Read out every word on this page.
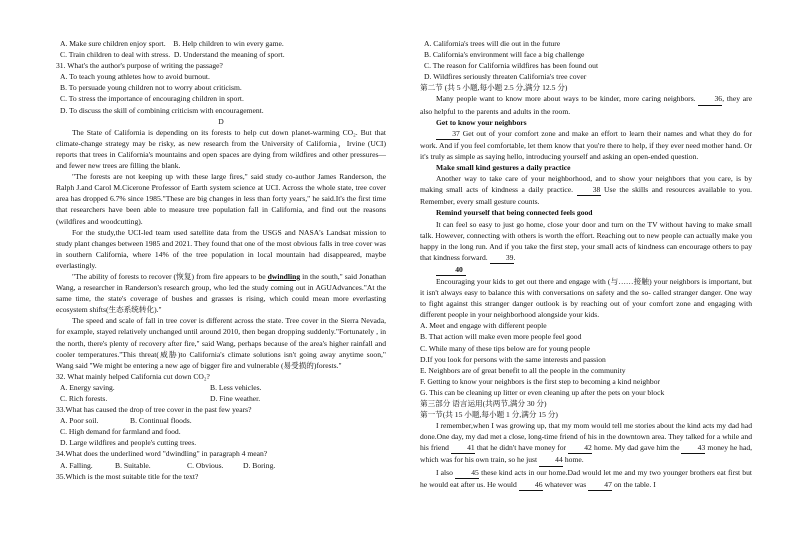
A. Make sure children enjoy sport. B. Help children to win every game.
C. Train children to deal with stress. D. Understand the meaning of sport.
31. What's the author's purpose of writing the passage?
A. To teach young athletes how to avoid burnout.
B. To persuade young children not to worry about criticism.
C. To stress the importance of encouraging children in sport.
D. To discuss the skill of combining criticism with encouragement.
D
The State of California is depending on its forests to help cut down planet-warming CO₂. But that climate-change strategy may be risky, as new research from the University of California，Irvine (UCI) reports that trees in California's mountains and open spaces are dying from wildfires and other pressures—and fewer new trees are filling the blank.
"The forests are not keeping up with these large fires," said study co-author James Randerson, the Ralph J.and Carol M.Cicerone Professor of Earth system science at UCI. Across the whole state, tree cover area has dropped 6.7% since 1985."These are big changes in less than forty years," he said.It's the first time that researchers have been able to measure tree population fall in California, and find out the reasons (wildfires and woodcutting).
For the study,the UCI-led team used satellite data from the USGS and NASA's Landsat mission to study plant changes between 1985 and 2021. They found that one of the most obvious falls in tree cover was in southern California, where 14% of the tree population in local mountain had disappeared, maybe everlastingly.
"The ability of forests to recover (恢复) from fire appears to be dwindling in the south," said Jonathan Wang, a researcher in Randerson's research group, who led the study coming out in AGUAdvances."At the same time, the state's coverage of bushes and grasses is rising, which could mean more everlasting ecosystem shifts(生态系统转化)."
The speed and scale of fall in tree cover is different across the state. Tree cover in the Sierra Nevada, for example, stayed relatively unchanged until around 2010, then began dropping suddenly."Fortunately , in the north, there's plenty of recovery after fire," said Wang, perhaps because of the area's higher rainfall and cooler temperatures."This threat(威胁)to California's climate solutions isn't going away anytime soon," Wang said "We might be entering a new age of bigger fire and vulnerable (易受损的)forests."
32. What mainly helped California cut down CO₂?
A. Energy saving.	B. Less vehicles.
C. Rich forests.	D. Fine weather.
33.What has caused the drop of tree cover in the past few years?
A. Poor soil.	B. Continual floods.
C. High demand for farmland and food.
D. Large wildfires and people's cutting trees.
34.What does the underlined word "dwindling" in paragraph 4 mean?
A. Falling.	B. Suitable.	C. Obvious.	D. Boring.
35.Which is the most suitable title for the text?
A. California's trees will die out in the future
B. California's environment will face a big challenge
C. The reason for California wildfires has been found out
D. Wildfires seriously threaten California's tree cover
第二节 (共 5 小题,每小题 2.5 分,满分 12.5 分)
Many people want to know more about ways to be kinder, more caring neighbors. 36, they are also helpful to the parents and adults in the room.
Get to know your neighbors
37 Get out of your comfort zone and make an effort to learn their names and what they do for work. And if you feel comfortable, let them know that you're there to help, if they ever need mother hand. Or it's truly as simple as saying hello, introducing yourself and asking an open-ended question.
Make small kind gestures a daily practice
Another way to take care of your neighborhood, and to show your neighbors that you care, is by making small acts of kindness a daily practice.	38 Use the skills and resources available to you. Remember, every small gesture counts.
Remind yourself that being connected feels good
It can feel so easy to just go home, close your door and turn on the TV without having to make small talk. However, connecting with others is worth the effort. Reaching out to new people can actually make you happy in the long run. And if you take the first step, your small acts of kindness can encourage others to pay that kindness forward. 39.
40
Encouraging your kids to get out there and engage with (与……接触) your neighbors is important, but it isn't always easy to balance this with conversations on safety and the so- called stranger danger. One way to fight against this stranger danger outlook is by reaching out of your comfort zone and engaging with different people in your neighborhood alongside your kids.
A. Meet and engage with different people
B. That action will make even more people feel good
C. While many of these tips below are for young people
D.If you look for persons with the same interests and passion
E. Neighbors are of great benefit to all the people in the community
F. Getting to know your neighbors is the first step to becoming a kind neighbor
G. This can be cleaning up litter or even cleaning up after the pets on your block
第三部分 语言运用(共两节,满分 30 分)
第一节(共 15 小题,每小题 1 分,满分 15 分)
I remember,when I was growing up, that my mom would tell me stories about the kind acts my dad had done.One day, my dad met a close, long-time friend of his in the downtown area. They talked for a while and his friend 41 that he didn't have money for 42 home. My dad gave him the 43 money he had, which was for his own train, so he just 44 home.
I also 45 these kind acts in our home.Dad would let me and my two younger brothers eat first but he would eat after us. He would 46 whatever was 47 on the table. I
